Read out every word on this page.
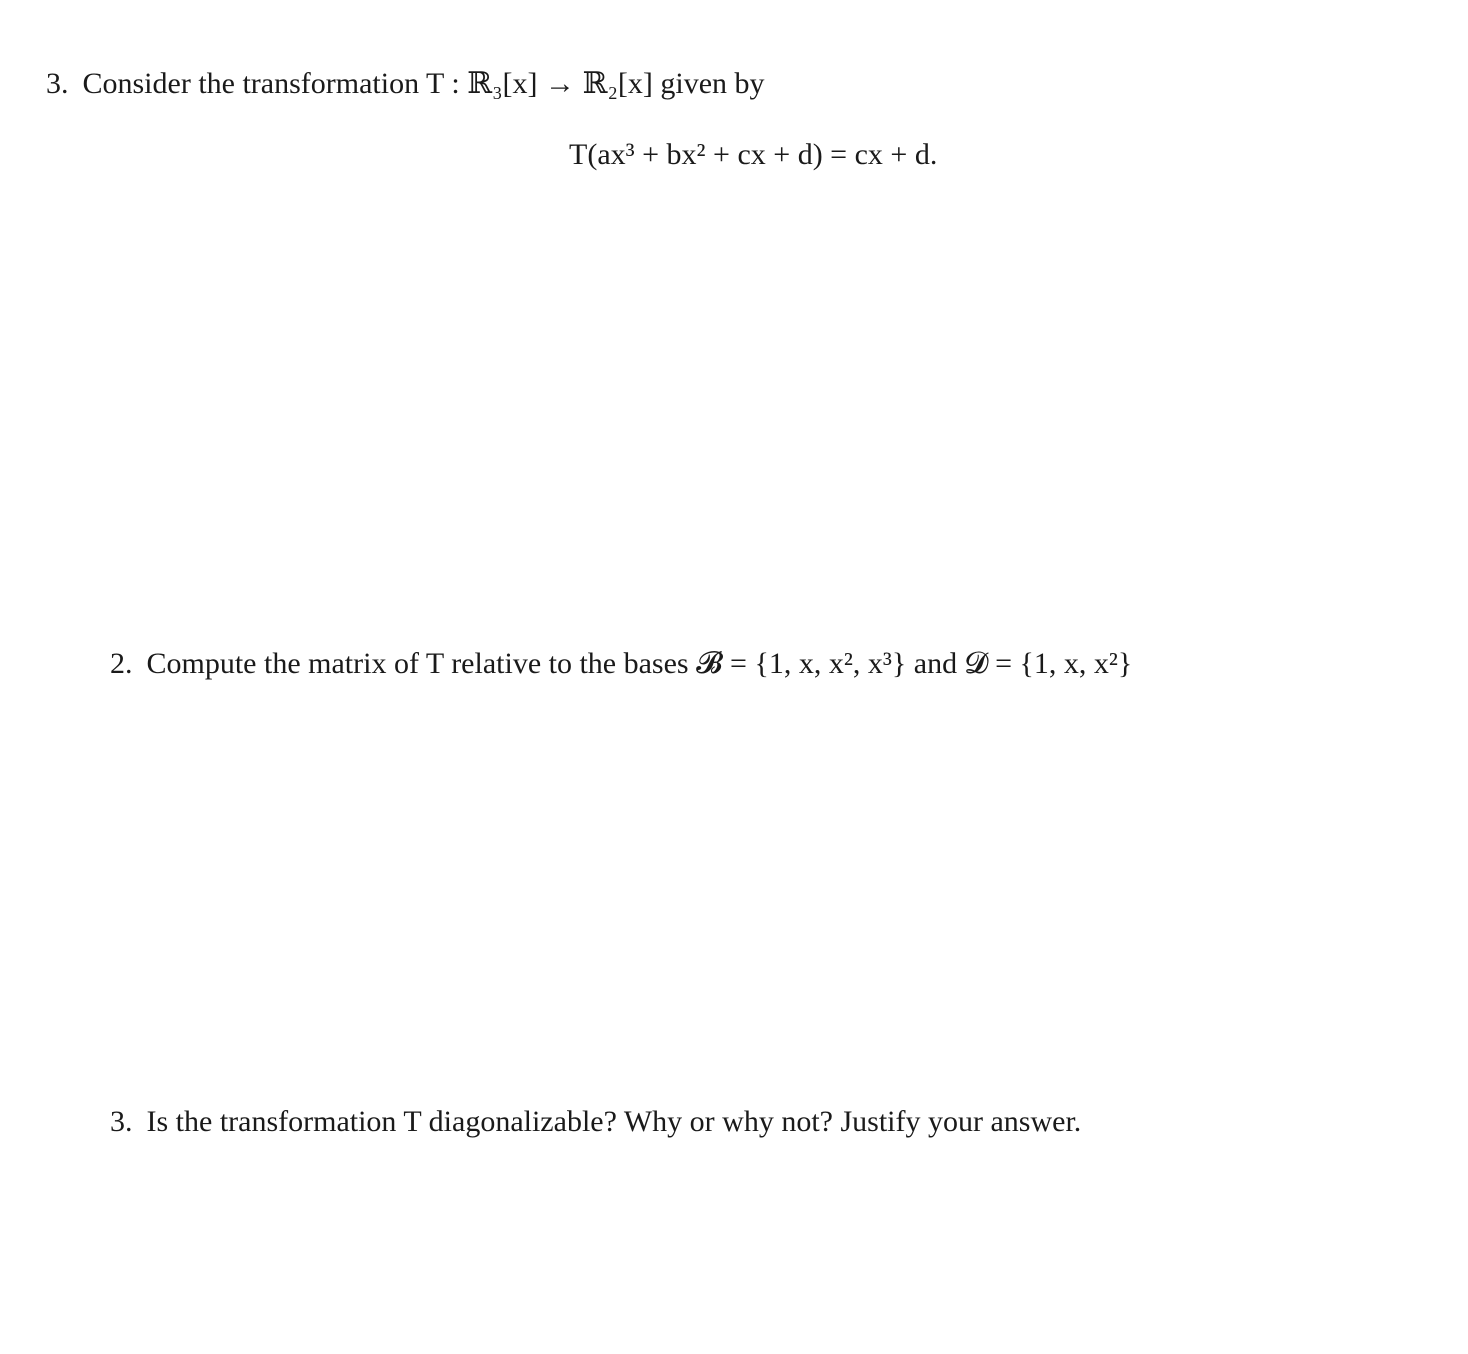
3. Consider the transformation T : ℝ₃[x] → ℝ₂[x] given by
T(ax³ + bx² + cx + d) = cx + d.
2. Compute the matrix of T relative to the bases 𝓑 = {1, x, x², x³} and 𝓓 = {1, x, x²}
3. Is the transformation T diagonalizable? Why or why not? Justify your answer.
